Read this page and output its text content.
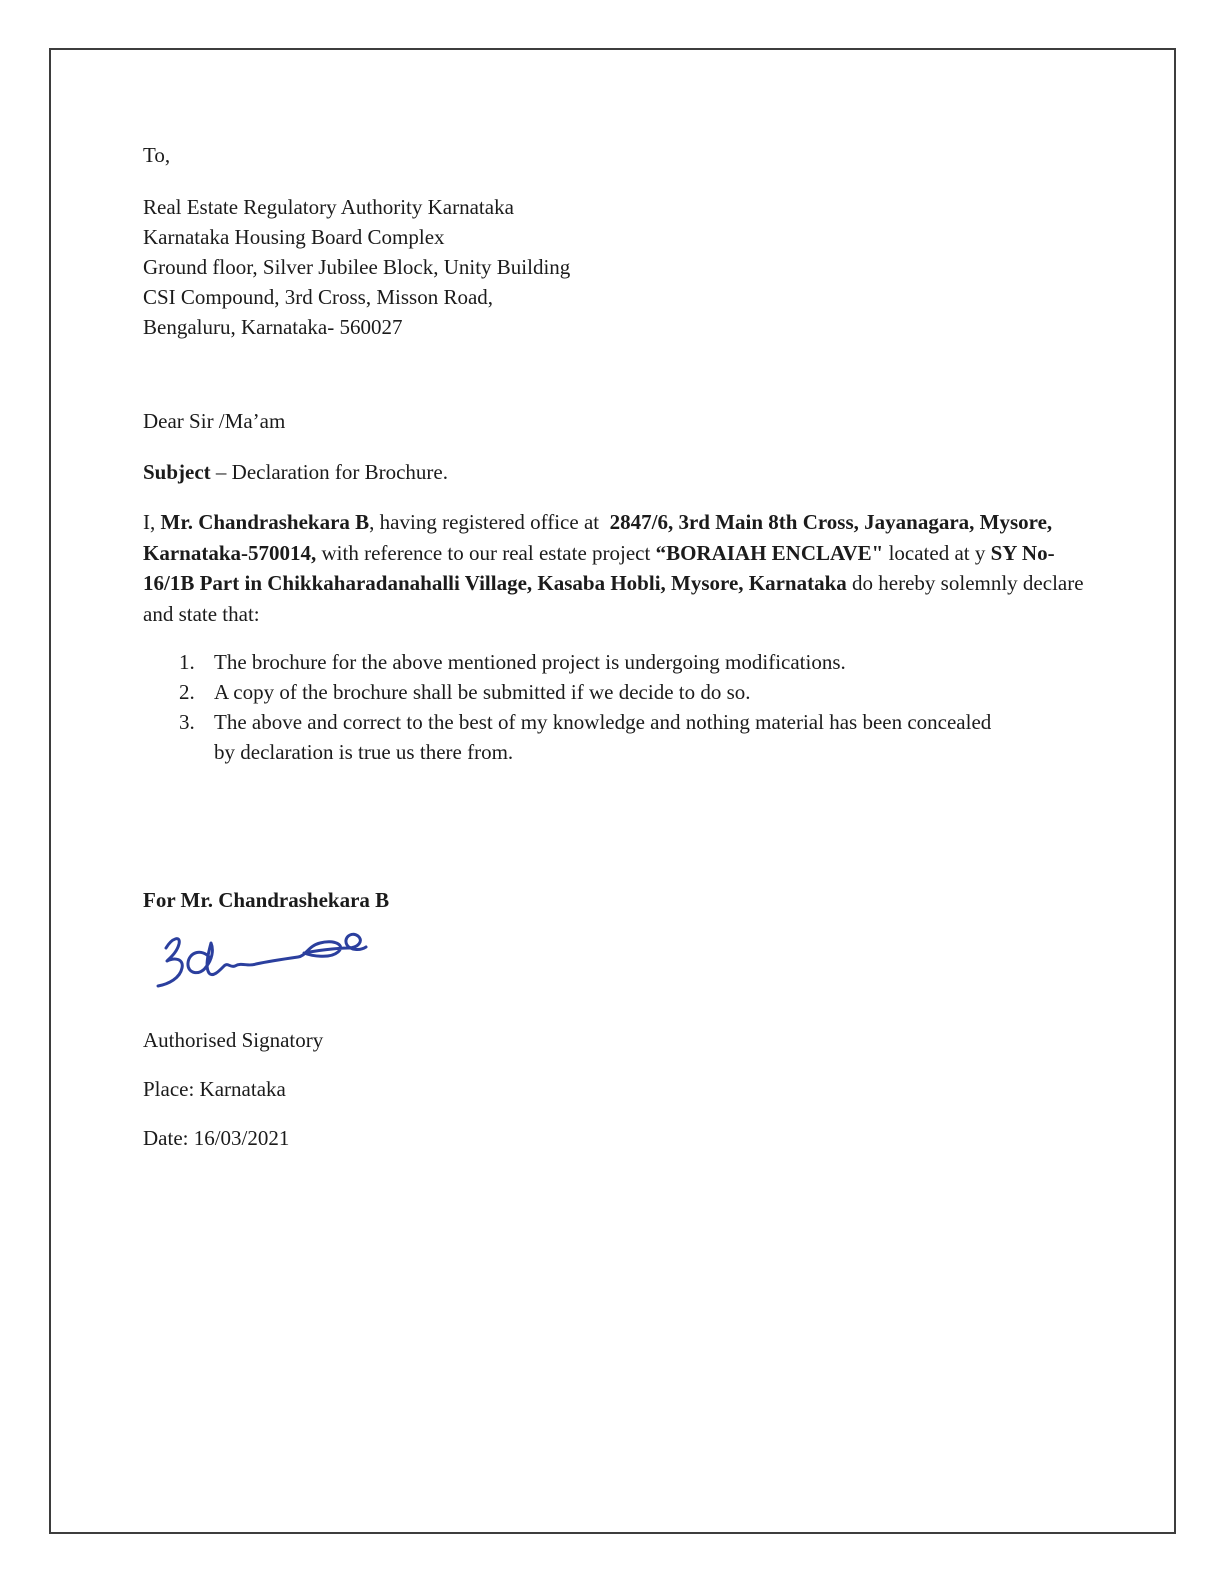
To,
Real Estate Regulatory Authority Karnataka
Karnataka Housing Board Complex
Ground floor, Silver Jubilee Block, Unity Building
CSI Compound, 3rd Cross, Misson Road,
Bengaluru, Karnataka- 560027
Dear Sir /Ma’am
Subject – Declaration for Brochure.
I, Mr. Chandrashekara B, having registered office at  2847/6, 3rd Main 8th Cross, Jayanagara, Mysore, Karnataka-570014, with reference to our real estate project “BORAIAH ENCLAVE" located at y SY No-16/1B Part in Chikkaharadanahalli Village, Kasaba Hobli, Mysore, Karnataka do hereby solemnly declare and state that:
1. The brochure for the above mentioned project is undergoing modifications.
2. A copy of the brochure shall be submitted if we decide to do so.
3. The above and correct to the best of my knowledge and nothing material has been concealed by declaration is true us there from.
For Mr. Chandrashekara B
Authorised Signatory
Place: Karnataka
Date: 16/03/2021
